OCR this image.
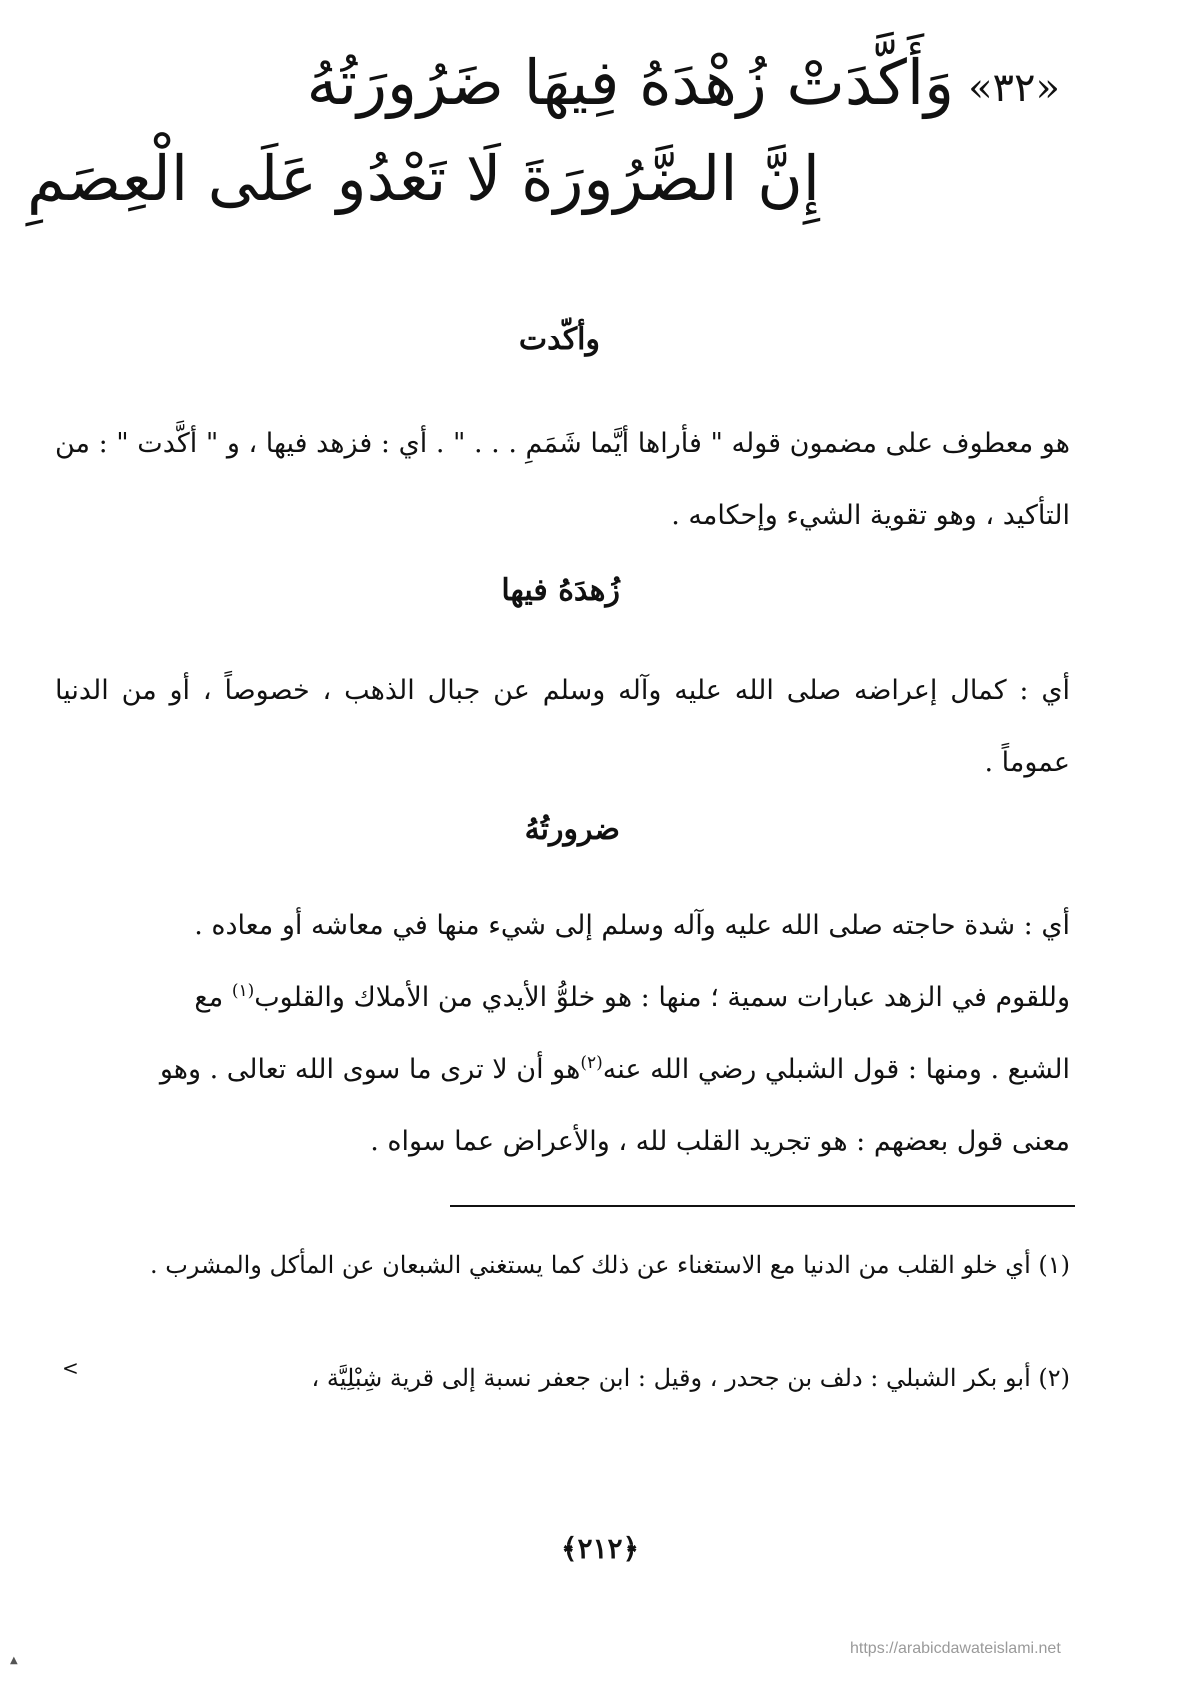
«٣٢»وَأَكَّدَتْ زُهْدَهُ فِيهَا ضَرُورَتُهُ
إِنَّ الضَّرُورَةَ لَا تَعْدُو عَلَى الْعِصَمِ
وأكّدت
هو معطوف على مضمون قوله " فأراها أيَّما شَمَمِ . . . " . أي : فزهد فيها ، و " أكَّدت " : من التأكيد ، وهو تقوية الشيء وإحكامه .
زُهدَهُ فيها
أي : كمال إعراضه صلى الله عليه وآله وسلم عن جبال الذهب ، خصوصاً ، أو من الدنيا عموماً .
ضرورتُهُ
أي : شدة حاجته صلى الله عليه وآله وسلم إلى شيء منها في معاشه أو معاده .
وللقوم في الزهد عبارات سمية ؛ منها : هو خلوُّ الأيدي من الأملاك والقلوب$^{(١)}$ مع
الشبع . ومنها : قول الشبلي رضي الله عنه$^{(٢)}$هو أن لا ترى ما سوى الله تعالى . وهو
معنى قول بعضهم : هو تجريد القلب لله ، والأعراض عما سواه .
(١) أي خلو القلب من الدنيا مع الاستغناء عن ذلك كما يستغني الشبعان عن المأكل والمشرب .
(٢) أبو بكر الشبلي : دلف بن جحدر ، وقيل : ابن جعفر نسبة إلى قرية شِبْلِيَّة ،
>
﴿٢١٢﴾
https://arabicdawateislami.net
▲
